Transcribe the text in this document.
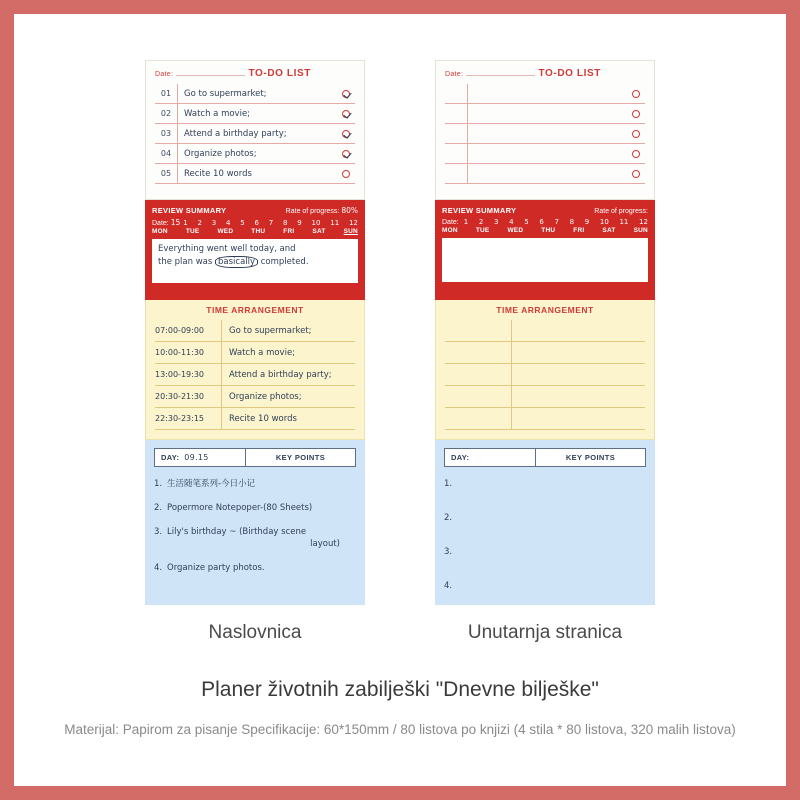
Date:	TO-DO LIST
01	Go to supermarket;
02	Watch a movie;
03	Attend a birthday party;
04	Organize photos;
05	Recite 10 words
REVIEW SUMMARY	Rate of progress: 80%
Date: 15 1 2 3 4 5 6 7 8 9 10 11 12
MON	TUE	WED	THU	FRI	SAT	SUN
Everything went well today, and
the plan was basically completed.
TIME ARRANGEMENT
07:00-09:00	Go to supermarket;
10:00-11:30	Watch a movie;
13:00-19:30	Attend a birthday party;
20:30-21:30	Organize photos;
22:30-23:15	Recite 10 words
DAY: 09.15	KEY POINTS
1. 生活随笔系列-今日小记
2. Popermore Notepoper-(80 Sheets)
3. Lily's birthday ~ (Birthday scene
layout)
4. Organize party photos.
Date:	TO-DO LIST
REVIEW SUMMARY	Rate of progress:
Date: 1 2 3 4 5 6 7 8 9 10 11 12
MON	TUE	WED	THU	FRI	SAT	SUN
TIME ARRANGEMENT
DAY:	KEY POINTS
1.
2.
3.
4.
Naslovnica	Unutarnja stranica
Planer životnih zabilješki "Dnevne bilješke"
Materijal: Papirom za pisanje Specifikacije: 60*150mm / 80 listova po knjizi (4 stila * 80 listova, 320 malih listova)
